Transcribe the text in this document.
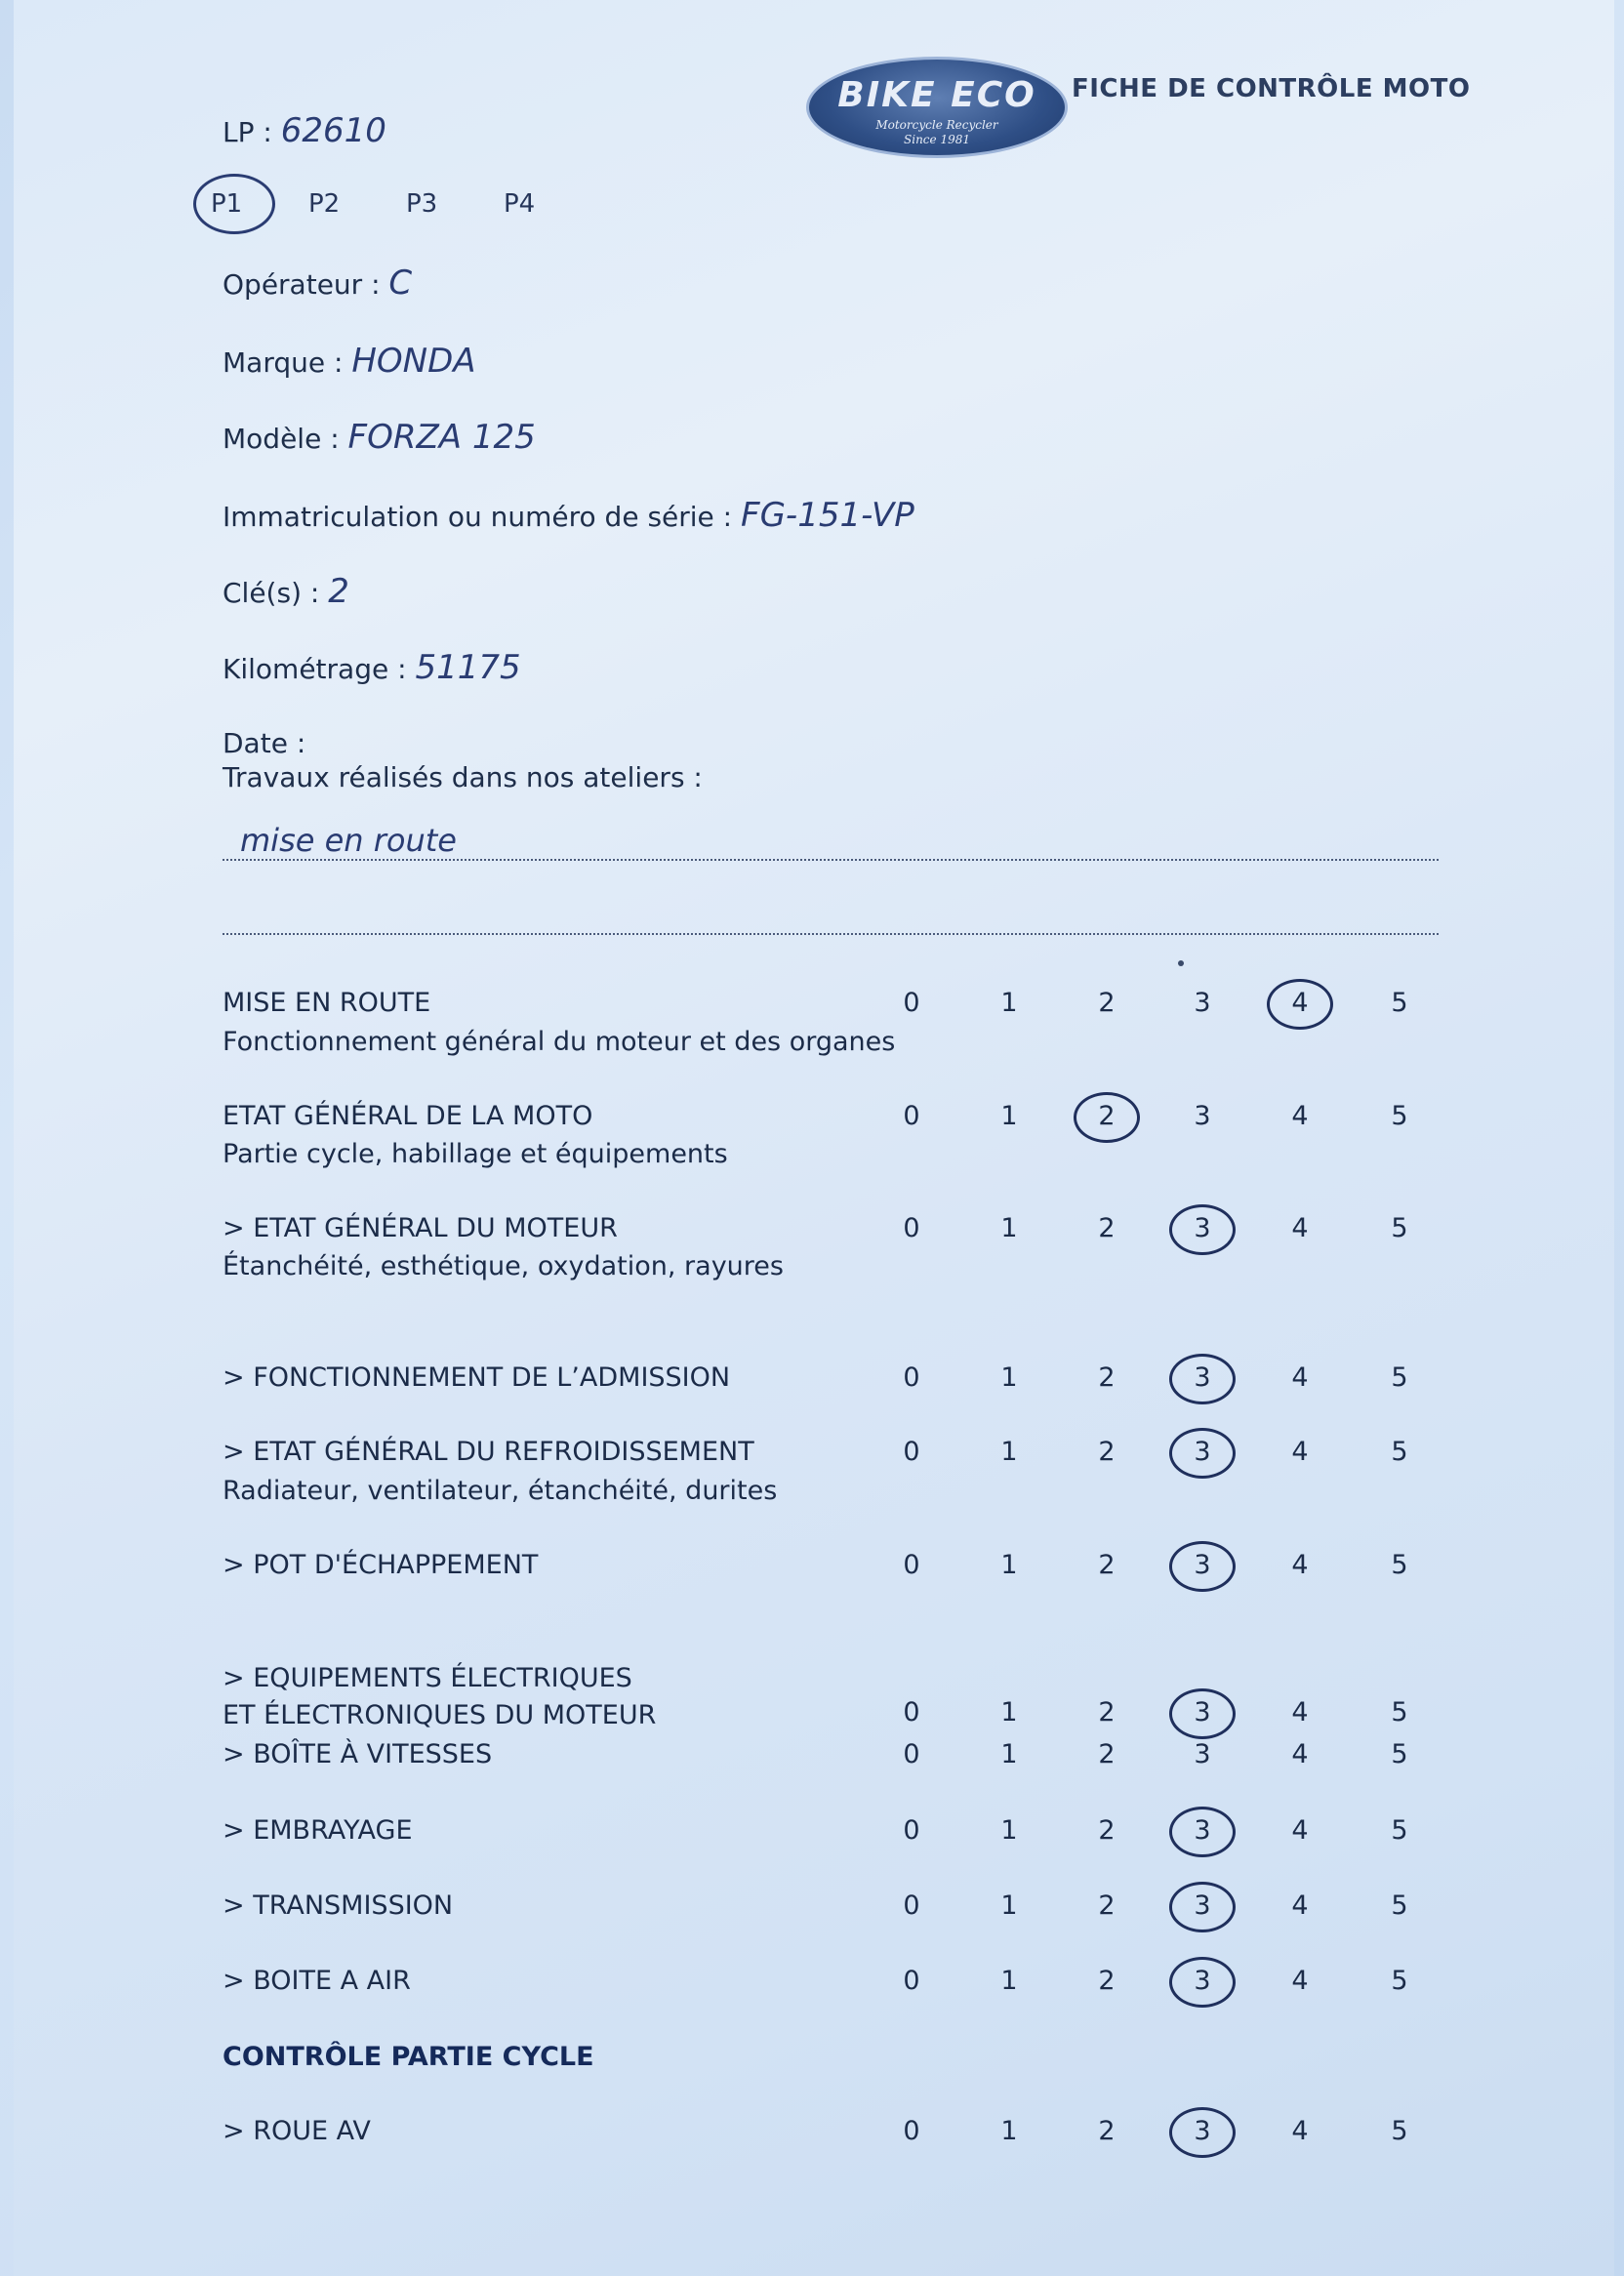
BIKE ECO
Motorcycle Recycler
Since 1981
FICHE DE CONTRÔLE MOTO
LP : 62610
P1	P2	P3	P4
Opérateur : C
Marque : HONDA
Modèle : FORZA 125
Immatriculation ou numéro de série : FG-151-VP
Clé(s) : 2
Kilométrage : 51175
Date :
Travaux réalisés dans nos ateliers :
mise en route
MISE EN ROUTE
Fonctionnement général du moteur et des organes
0	1	2	3	4	5
ETAT GÉNÉRAL DE LA MOTO
Partie cycle, habillage et équipements
0	1	2	3	4	5
> ETAT GÉNÉRAL DU MOTEUR
Étanchéité, esthétique, oxydation, rayures
0	1	2	3	4	5
> FONCTIONNEMENT DE L’ADMISSION	0	1	2	3	4	5
> ETAT GÉNÉRAL DU REFROIDISSEMENT
Radiateur, ventilateur, étanchéité, durites
0	1	2	3	4	5
> POT D'ÉCHAPPEMENT	0	1	2	3	4	5
> EQUIPEMENTS ÉLECTRIQUES
ET ÉLECTRONIQUES DU MOTEUR	0	1	2	3	4	5
> BOÎTE À VITESSES	0	1	2	3	4	5
> EMBRAYAGE	0	1	2	3	4	5
> TRANSMISSION	0	1	2	3	4	5
> BOITE A AIR	0	1	2	3	4	5
CONTRÔLE PARTIE CYCLE
> ROUE AV	0	1	2	3	4	5
